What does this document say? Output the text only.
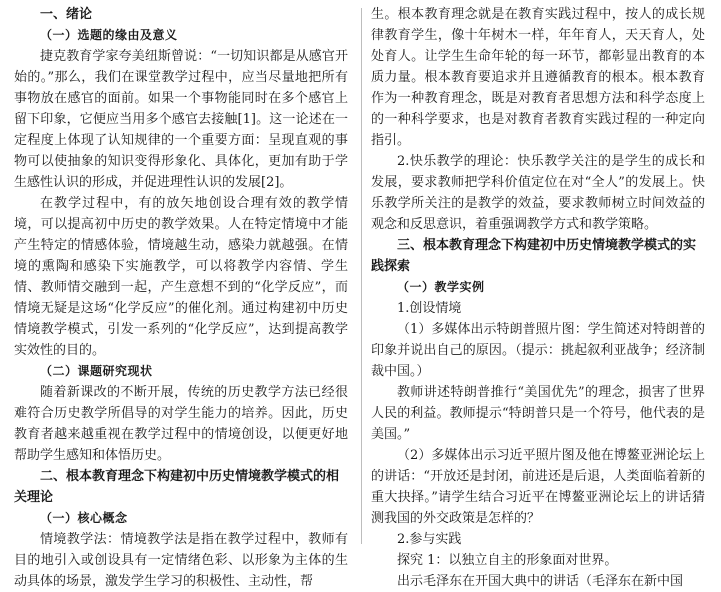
一、绪论
（一）选题的缘由及意义

捷克教育学家夸美纽斯曾说：“一切知识都是从感官开始的。”那么，我们在课堂教学过程中，应当尽量地把所有事物放在感官的面前。如果一个事物能同时在多个感官上留下印象，它便应当用多个感官去接触[1]。这一论述在一定程度上体现了认知规律的一个重要方面：呈现直观的事物可以使抽象的知识变得形象化、具体化，更加有助于学生感性认识的形成，并促进理性认识的发展[2]。

在教学过程中，有的放矢地创设合理有效的教学情境，可以提高初中历史的教学效果。人在特定情境中才能产生特定的情感体验，情境越生动，感染力就越强。在情境的熏陶和感染下实施教学，可以将教学内容情、学生情、教师情交融到一起，产生意想不到的“化学反应”，而情境无疑是这场“化学反应”的催化剂。通过构建初中历史情境教学模式，引发一系列的“化学反应”，达到提高教学实效性的目的。

（二）课题研究现状

随着新课改的不断开展，传统的历史教学方法已经很难符合历史教学所倡导的对学生能力的培养。因此，历史教育者越来越重视在教学过程中的情境创设，以便更好地帮助学生感知和体悟历史。

二、根本教育理念下构建初中历史情境教学模式的相关理论
（一）核心概念

情境教学法：情境教学法是指在教学过程中，教师有目的地引入或创设具有一定情绪色彩、以形象为主体的生动具体的场景，激发学生学习的积极性、主动性，帮

生。根本教育理念就是在教育实践过程中，按人的成长规律教育学生，像十年树木一样，年年育人，天天育人，处处育人。让学生生命年轮的每一环节，都彰显出教育的本质力量。根本教育要追求并且遵循教育的根本。根本教育作为一种教育理念，既是对教育者思想方法和科学态度上的一种科学要求，也是对教育者教育实践过程的一种定向指引。

2.快乐教学的理论：快乐教学关注的是学生的成长和发展，要求教师把学科价值定位在对“全人”的发展上。快乐教学所关注的是教学的效益，要求教师树立时间效益的观念和反思意识，着重强调教学方式和教学策略。

三、根本教育理念下构建初中历史情境教学模式的实践探索
（一）教学实例

1.创设情境

（1）多媒体出示特朗普照片图：学生简述对特朗普的印象并说出自己的原因。（提示：挑起叙利亚战争；经济制裁中国。）

教师讲述特朗普推行“美国优先”的理念，损害了世界人民的利益。教师提示“特朗普只是一个符号，他代表的是美国。”

（2）多媒体出示习近平照片图及他在博鳌亚洲论坛上的讲话：“开放还是封闭，前进还是后退，人类面临着新的重大抉择。”请学生结合习近平在博鳌亚洲论坛上的讲话猜测我国的外交政策是怎样的？

2.参与实践

探究 1：以独立自主的形象面对世界。

出示毛泽东在开国大典中的讲话（毛泽东在新中国
